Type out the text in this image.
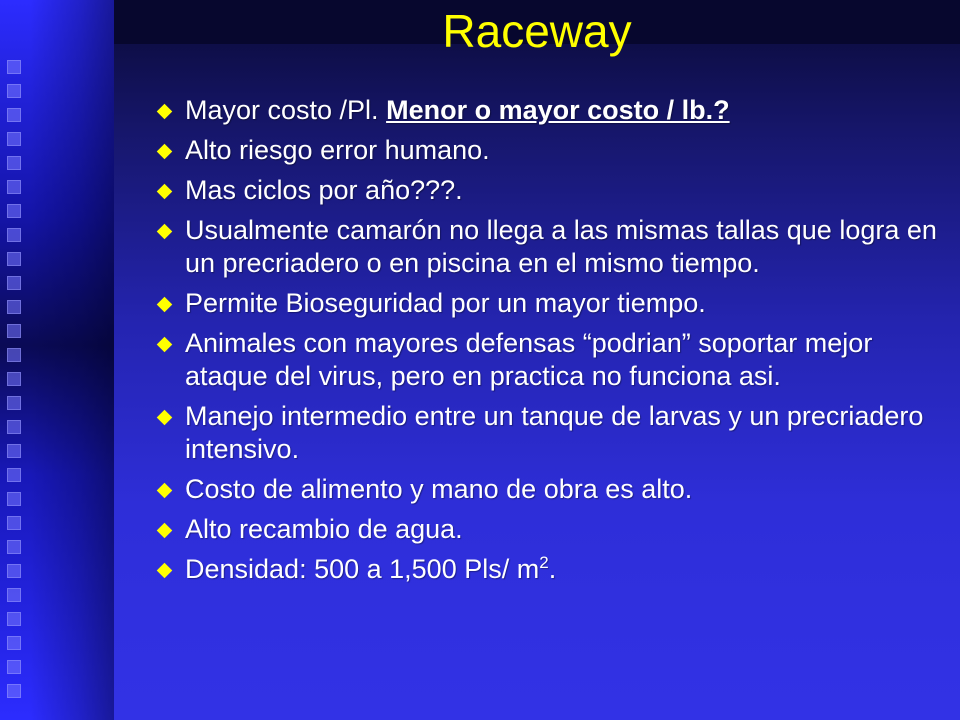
Raceway
Mayor costo /Pl. Menor o mayor costo / lb.?
Alto riesgo error humano.
Mas ciclos por año???.
Usualmente camarón no llega a las mismas tallas que logra en un precriadero o en piscina en el mismo tiempo.
Permite Bioseguridad por un mayor tiempo.
Animales con mayores defensas “podrian” soportar mejor ataque del virus, pero en practica no funciona asi.
Manejo intermedio entre un tanque de larvas y un precriadero intensivo.
Costo de alimento y mano de obra es alto.
Alto recambio de agua.
Densidad: 500 a 1,500 Pls/ $m^2$.
